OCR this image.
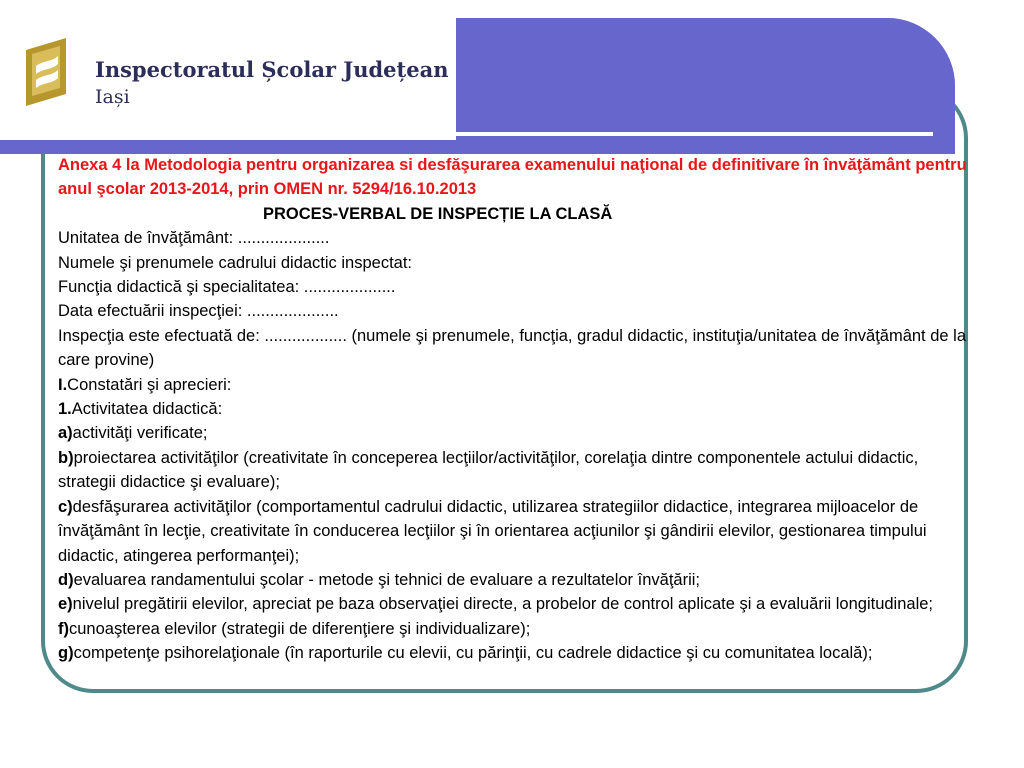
Inspectoratul Școlar Județean
Iași

Anexa 4 la Metodologia pentru organizarea si desfăşurarea examenului naţional de definitivare în învăţământ pentru anul şcolar 2013-2014, prin OMEN nr. 5294/16.10.2013

PROCES-VERBAL DE INSPECȚIE LA CLASĂ

Unitatea de învăţământ: ....................

Numele şi prenumele cadrului didactic inspectat:

Funcţia didactică şi specialitatea: ....................

Data efectuării inspecţiei: ....................

Inspecţia este efectuată de: .................. (numele şi prenumele, funcţia, gradul didactic, instituţia/unitatea de învăţământ de la care provine)

I.Constatări şi aprecieri:

1.Activitatea didactică:

a)activităţi verificate;

b)proiectarea activităţilor (creativitate în conceperea lecţiilor/activităţilor, corelaţia dintre componentele actului didactic, strategii didactice şi evaluare);

c)desfăşurarea activităţilor (comportamentul cadrului didactic, utilizarea strategiilor didactice, integrarea mijloacelor de învăţământ în lecţie, creativitate în conducerea lecţiilor şi în orientarea acţiunilor şi gândirii elevilor, gestionarea timpului didactic, atingerea performanţei);

d)evaluarea randamentului şcolar - metode şi tehnici de evaluare a rezultatelor învăţării;

e)nivelul pregătirii elevilor, apreciat pe baza observaţiei directe, a probelor de control aplicate şi a evaluării longitudinale;

f)cunoaşterea elevilor (strategii de diferenţiere şi individualizare);

g)competenţe psihorelaţionale (în raporturile cu elevii, cu părinţii, cu cadrele didactice şi cu comunitatea locală);
